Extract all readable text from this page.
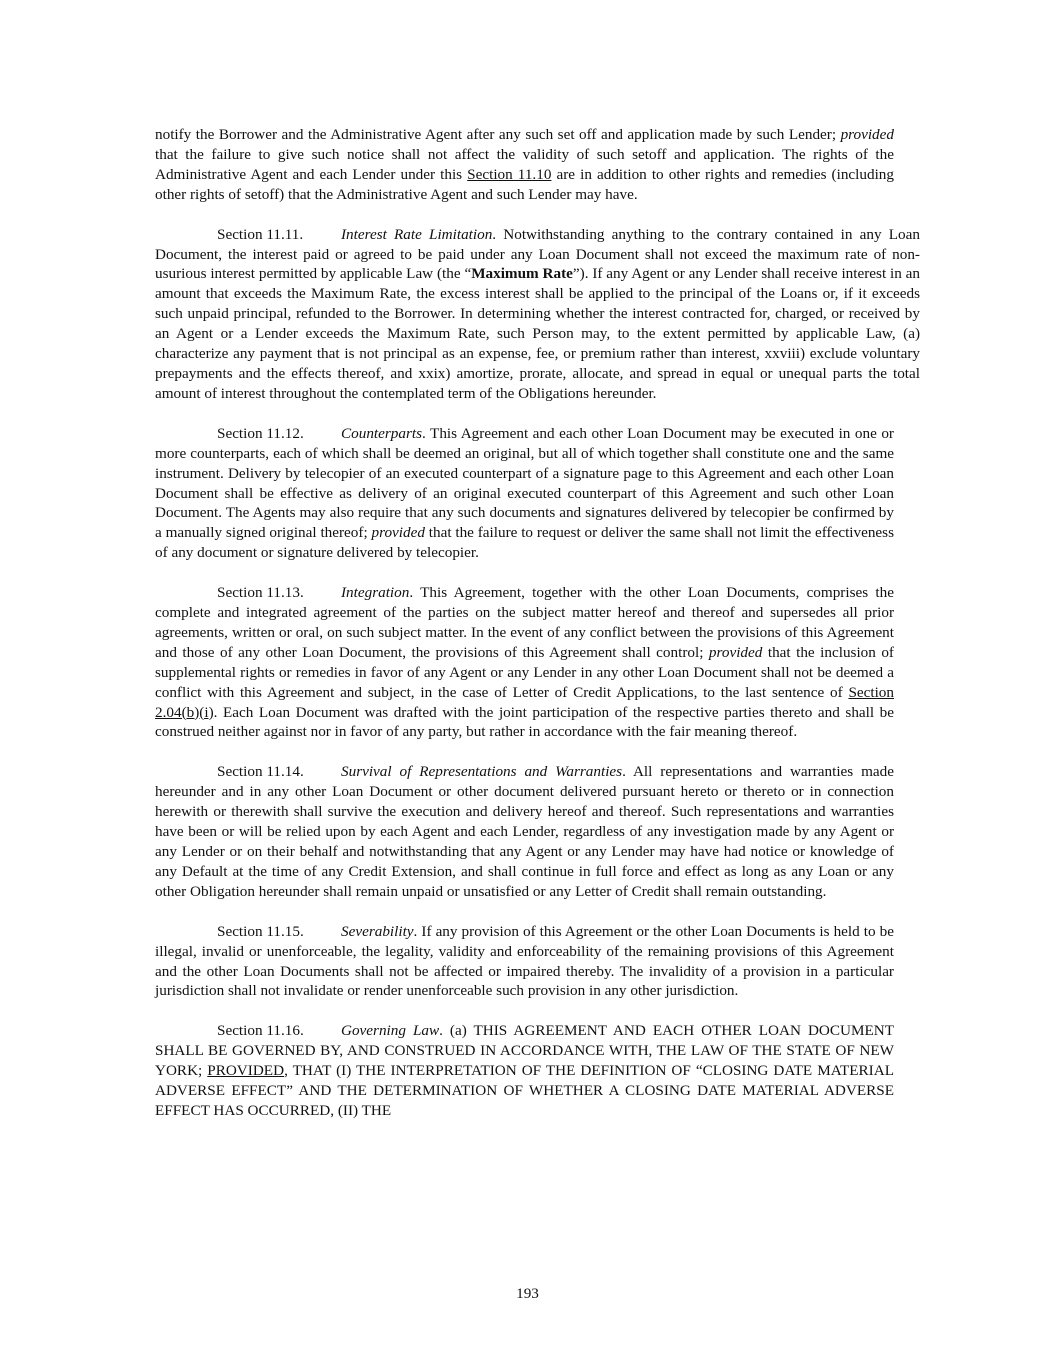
notify the Borrower and the Administrative Agent after any such set off and application made by such Lender; provided that the failure to give such notice shall not affect the validity of such setoff and application. The rights of the Administrative Agent and each Lender under this Section 11.10 are in addition to other rights and remedies (including other rights of setoff) that the Administrative Agent and such Lender may have.

Section 11.11. Interest Rate Limitation. Notwithstanding anything to the contrary contained in any Loan Document, the interest paid or agreed to be paid under any Loan Document shall not exceed the maximum rate of non-usurious interest permitted by applicable Law (the “Maximum Rate”). If any Agent or any Lender shall receive interest in an amount that exceeds the Maximum Rate, the excess interest shall be applied to the principal of the Loans or, if it exceeds such unpaid principal, refunded to the Borrower. In determining whether the interest contracted for, charged, or received by an Agent or a Lender exceeds the Maximum Rate, such Person may, to the extent permitted by applicable Law, (a) characterize any payment that is not principal as an expense, fee, or premium rather than interest, xxviii) exclude voluntary prepayments and the effects thereof, and xxix) amortize, prorate, allocate, and spread in equal or unequal parts the total amount of interest throughout the contemplated term of the Obligations hereunder.

Section 11.12. Counterparts. This Agreement and each other Loan Document may be executed in one or more counterparts, each of which shall be deemed an original, but all of which together shall constitute one and the same instrument. Delivery by telecopier of an executed counterpart of a signature page to this Agreement and each other Loan Document shall be effective as delivery of an original executed counterpart of this Agreement and such other Loan Document. The Agents may also require that any such documents and signatures delivered by telecopier be confirmed by a manually signed original thereof; provided that the failure to request or deliver the same shall not limit the effectiveness of any document or signature delivered by telecopier.

Section 11.13. Integration. This Agreement, together with the other Loan Documents, comprises the complete and integrated agreement of the parties on the subject matter hereof and thereof and supersedes all prior agreements, written or oral, on such subject matter. In the event of any conflict between the provisions of this Agreement and those of any other Loan Document, the provisions of this Agreement shall control; provided that the inclusion of supplemental rights or remedies in favor of any Agent or any Lender in any other Loan Document shall not be deemed a conflict with this Agreement and subject, in the case of Letter of Credit Applications, to the last sentence of Section 2.04(b)(i). Each Loan Document was drafted with the joint participation of the respective parties thereto and shall be construed neither against nor in favor of any party, but rather in accordance with the fair meaning thereof.

Section 11.14. Survival of Representations and Warranties. All representations and warranties made hereunder and in any other Loan Document or other document delivered pursuant hereto or thereto or in connection herewith or therewith shall survive the execution and delivery hereof and thereof. Such representations and warranties have been or will be relied upon by each Agent and each Lender, regardless of any investigation made by any Agent or any Lender or on their behalf and notwithstanding that any Agent or any Lender may have had notice or knowledge of any Default at the time of any Credit Extension, and shall continue in full force and effect as long as any Loan or any other Obligation hereunder shall remain unpaid or unsatisfied or any Letter of Credit shall remain outstanding.

Section 11.15. Severability. If any provision of this Agreement or the other Loan Documents is held to be illegal, invalid or unenforceable, the legality, validity and enforceability of the remaining provisions of this Agreement and the other Loan Documents shall not be affected or impaired thereby. The invalidity of a provision in a particular jurisdiction shall not invalidate or render unenforceable such provision in any other jurisdiction.

Section 11.16. Governing Law. (a) THIS AGREEMENT AND EACH OTHER LOAN DOCUMENT SHALL BE GOVERNED BY, AND CONSTRUED IN ACCORDANCE WITH, THE LAW OF THE STATE OF NEW YORK; PROVIDED, THAT (I) THE INTERPRETATION OF THE DEFINITION OF “CLOSING DATE MATERIAL ADVERSE EFFECT” AND THE DETERMINATION OF WHETHER A CLOSING DATE MATERIAL ADVERSE EFFECT HAS OCCURRED, (II) THE

193
